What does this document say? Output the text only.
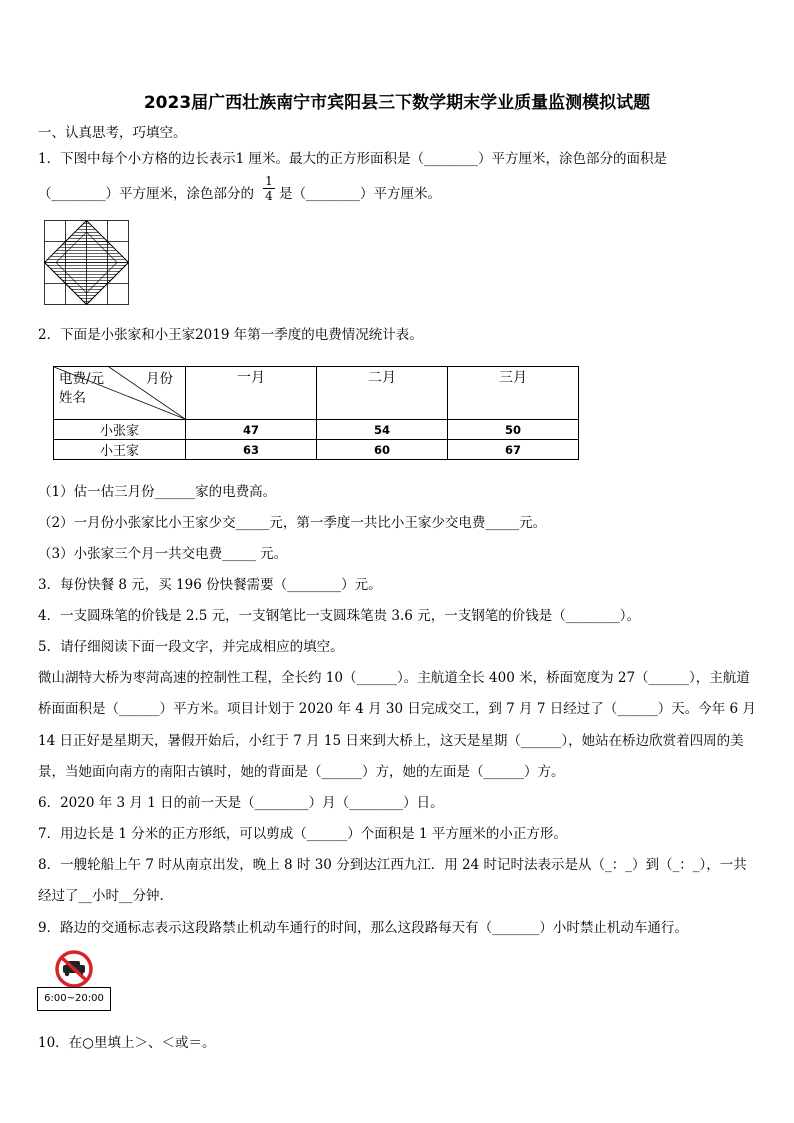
2023届广西壮族南宁市宾阳县三下数学期末学业质量监测模拟试题
一、认真思考，巧填空。
1．下图中每个小方格的边长表示1 厘米。最大的正方形面积是（________）平方厘米，涂色部分的面积是
（________）平方厘米，涂色部分的 $\frac{1}{4}$ 是（________）平方厘米。
2．下面是小张家和小王家2019 年第一季度的电费情况统计表。
电费/元 月份
姓名	一月	二月	三月
小张家	47	54	50
小王家	63	60	67
（1）估一估三月份______家的电费高。
（2）一月份小张家比小王家少交_____元，第一季度一共比小王家少交电费_____元。
（3）小张家三个月一共交电费_____ 元。
3．每份快餐 8 元，买 196 份快餐需要（________）元。
4．一支圆珠笔的价钱是 2.5 元，一支钢笔比一支圆珠笔贵 3.6 元，一支钢笔的价钱是（________）。
5．请仔细阅读下面一段文字，并完成相应的填空。
微山湖特大桥为枣菏高速的控制性工程，全长约 10（______）。主航道全长 400 米，桥面宽度为 27（______），主航道
桥面面积是（______）平方米。项目计划于 2020 年 4 月 30 日完成交工，到 7 月 7 日经过了（______）天。今年 6 月
14 日正好是星期天，暑假开始后，小红于 7 月 15 日来到大桥上，这天是星期（______），她站在桥边欣赏着四周的美
景，当她面向南方的南阳古镇时，她的背面是（______）方，她的左面是（______）方。
6．2020 年 3 月 1 日的前一天是（________）月（________）日。
7．用边长是 1 分米的正方形纸，可以剪成（______）个面积是 1 平方厘米的小正方形。
8．一艘轮船上午 7 时从南京出发，晚上 8 时 30 分到达江西九江．用 24 时记时法表示是从（_：_）到（_：_），一共
经过了__小时__分钟.
9．路边的交通标志表示这段路禁止机动车通行的时间，那么这段路每天有（_______）小时禁止机动车通行。
6:00~20:00
10．在○里填上＞、＜或＝。
